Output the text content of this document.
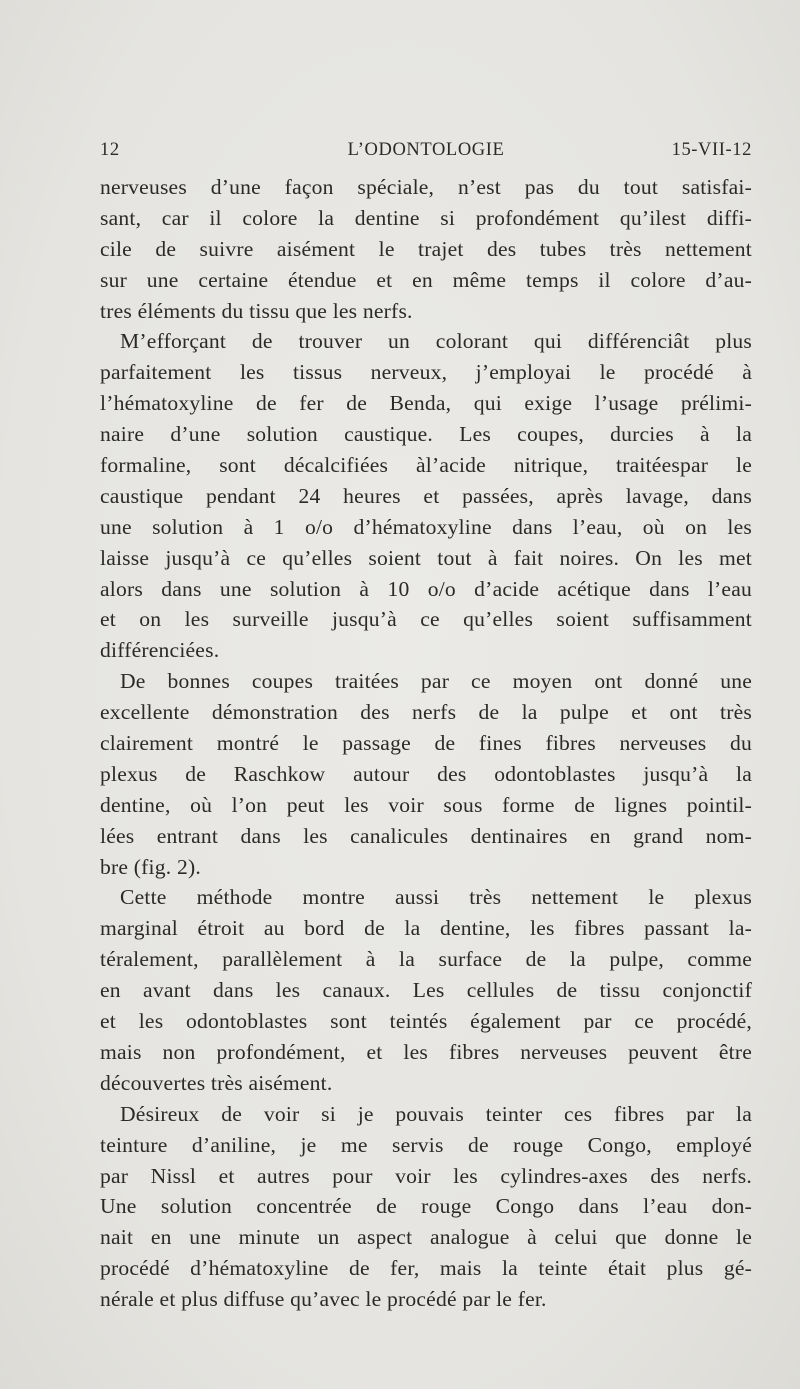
12	L’ODONTOLOGIE	15-VII-12
nerveuses d’une façon spéciale, n’est pas du tout satisfai-
sant, car il colore la dentine si profondément qu’ilest diffi-
cile de suivre aisément le trajet des tubes très nettement
sur une certaine étendue et en même temps il colore d’au-
tres éléments du tissu que les nerfs.
M’efforçant de trouver un colorant qui différenciât plus
parfaitement les tissus nerveux, j’employai le procédé à
l’hématoxyline de fer de Benda, qui exige l’usage prélimi-
naire d’une solution caustique. Les coupes, durcies à la
formaline, sont décalcifiées àl’acide nitrique, traitéespar le
caustique pendant 24 heures et passées, après lavage, dans
une solution à 1 o/o d’hématoxyline dans l’eau, où on les
laisse jusqu’à ce qu’elles soient tout à fait noires. On les met
alors dans une solution à 10 o/o d’acide acétique dans l’eau
et on les surveille jusqu’à ce qu’elles soient suffisamment
différenciées.
De bonnes coupes traitées par ce moyen ont donné une
excellente démonstration des nerfs de la pulpe et ont très
clairement montré le passage de fines fibres nerveuses du
plexus de Raschkow autour des odontoblastes jusqu’à la
dentine, où l’on peut les voir sous forme de lignes pointil-
lées entrant dans les canalicules dentinaires en grand nom-
bre (fig. 2).
Cette méthode montre aussi très nettement le plexus
marginal étroit au bord de la dentine, les fibres passant la-
téralement, parallèlement à la surface de la pulpe, comme
en avant dans les canaux. Les cellules de tissu conjonctif
et les odontoblastes sont teintés également par ce procédé,
mais non profondément, et les fibres nerveuses peuvent être
découvertes très aisément.
Désireux de voir si je pouvais teinter ces fibres par la
teinture d’aniline, je me servis de rouge Congo, employé
par Nissl et autres pour voir les cylindres-axes des nerfs.
Une solution concentrée de rouge Congo dans l’eau don-
nait en une minute un aspect analogue à celui que donne le
procédé d’hématoxyline de fer, mais la teinte était plus gé-
nérale et plus diffuse qu’avec le procédé par le fer.
